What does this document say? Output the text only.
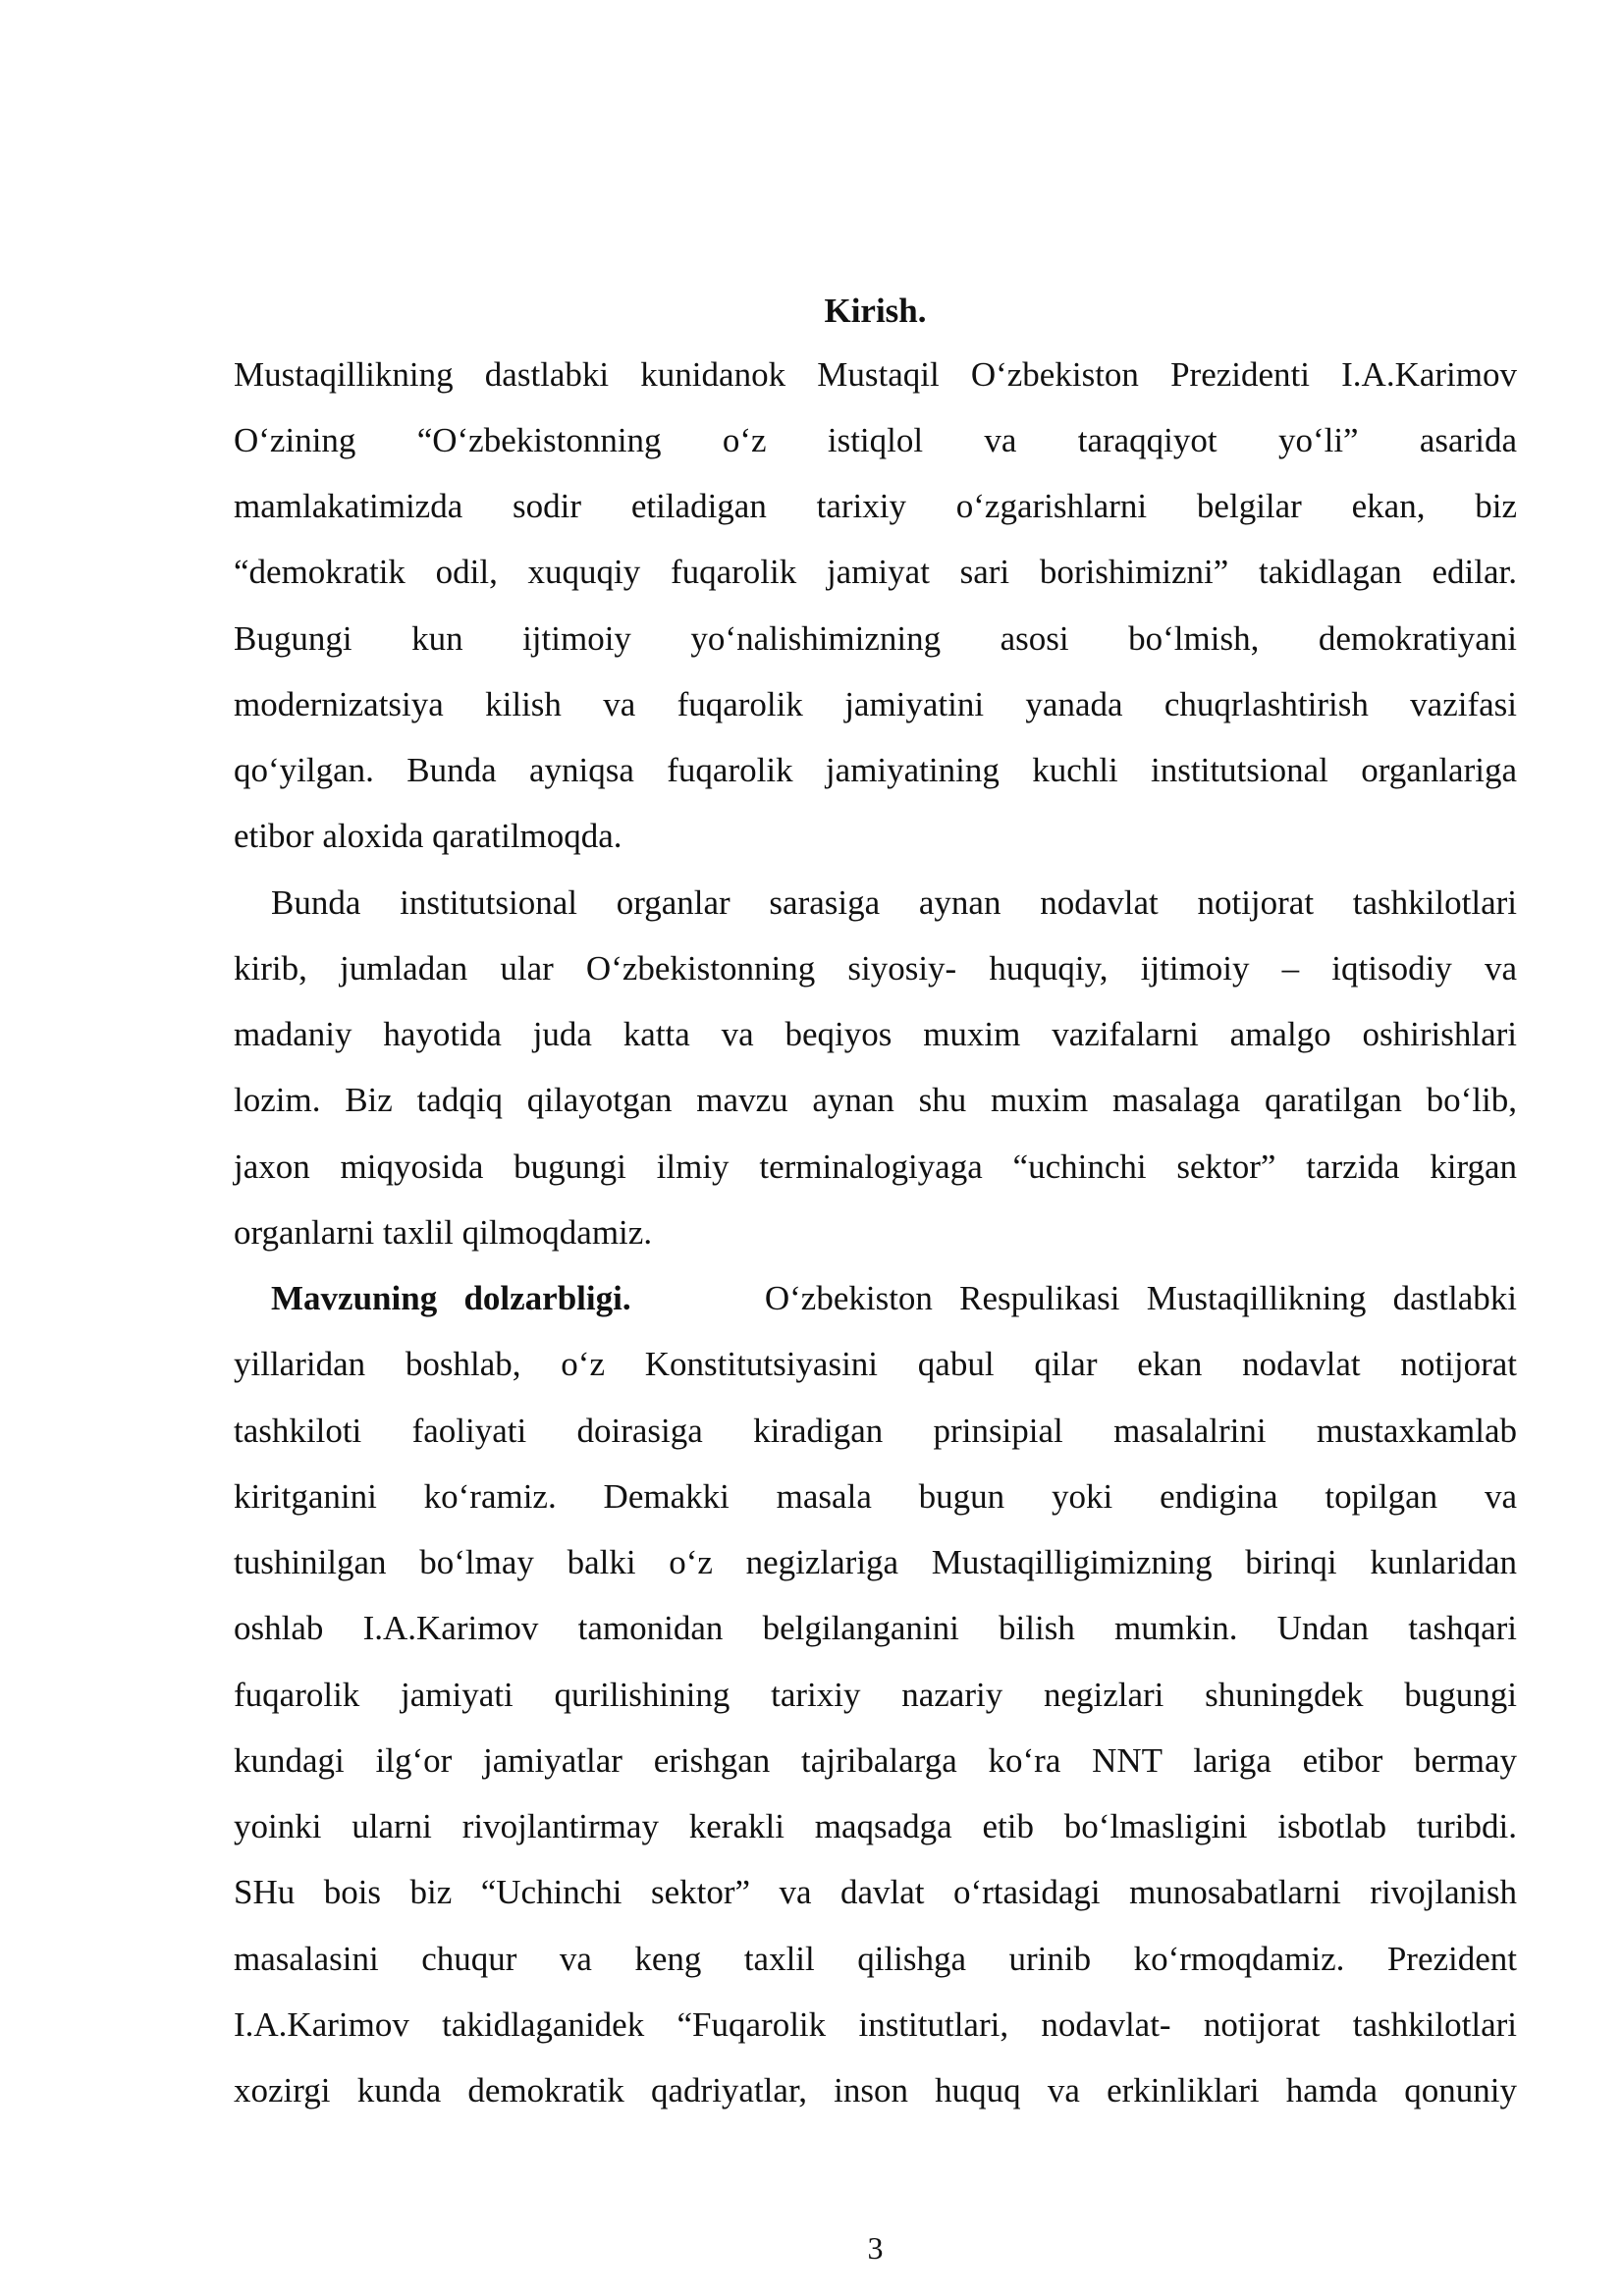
Kirish.
Mustaqillikning dastlabki kunidanok Mustaqil O‘zbekiston Prezidenti I.A.Karimov
O‘zining “O‘zbekistonning o‘z istiqlol va taraqqiyot yo‘li” asarida
mamlakatimizda sodir etiladigan tarixiy o‘zgarishlarni belgilar ekan, biz
“demokratik odil, xuquqiy fuqarolik jamiyat sari borishimizni” takidlagan edilar.
Bugungi kun ijtimoiy yo‘nalishimizning asosi bo‘lmish, demokratiyani
modernizatsiya kilish va fuqarolik jamiyatini yanada chuqrlashtirish vazifasi
qo‘yilgan. Bunda ayniqsa fuqarolik jamiyatining kuchli institutsional organlariga
etibor aloxida qaratilmoqda.
Bunda institutsional organlar sarasiga aynan nodavlat notijorat tashkilotlari
kirib, jumladan ular O‘zbekistonning siyosiy- huquqiy, ijtimoiy – iqtisodiy va
madaniy hayotida juda katta va beqiyos muxim vazifalarni amalgo oshirishlari
lozim. Biz tadqiq qilayotgan mavzu aynan shu muxim masalaga qaratilgan bo‘lib,
jaxon miqyosida bugungi ilmiy terminalogiyaga “uchinchi sektor” tarzida kirgan
organlarni taxlil qilmoqdamiz.
Mavzuning dolzarbligi.	O‘zbekiston Respulikasi Mustaqillikning dastlabki
yillaridan boshlab, o‘z Konstitutsiyasini qabul qilar ekan nodavlat notijorat
tashkiloti faoliyati doirasiga kiradigan prinsipial masalalrini mustaxkamlab
kiritganini ko‘ramiz. Demakki masala bugun yoki endigina topilgan va
tushinilgan bo‘lmay balki o‘z negizlariga Mustaqilligimizning birinqi kunlaridan
oshlab I.A.Karimov tamonidan belgilanganini bilish mumkin. Undan tashqari
fuqarolik jamiyati qurilishining tarixiy nazariy negizlari shuningdek bugungi
kundagi ilg‘or jamiyatlar erishgan tajribalarga ko‘ra NNT lariga etibor bermay
yoinki ularni rivojlantirmay kerakli maqsadga etib bo‘lmasligini isbotlab turibdi.
SHu bois biz “Uchinchi sektor” va davlat o‘rtasidagi munosabatlarni rivojlanish
masalasini chuqur va keng taxlil qilishga urinib ko‘rmoqdamiz. Prezident
I.A.Karimov takidlaganidek “Fuqarolik institutlari, nodavlat- notijorat tashkilotlari
xozirgi kunda demokratik qadriyatlar, inson huquq va erkinliklari hamda qonuniy
3
